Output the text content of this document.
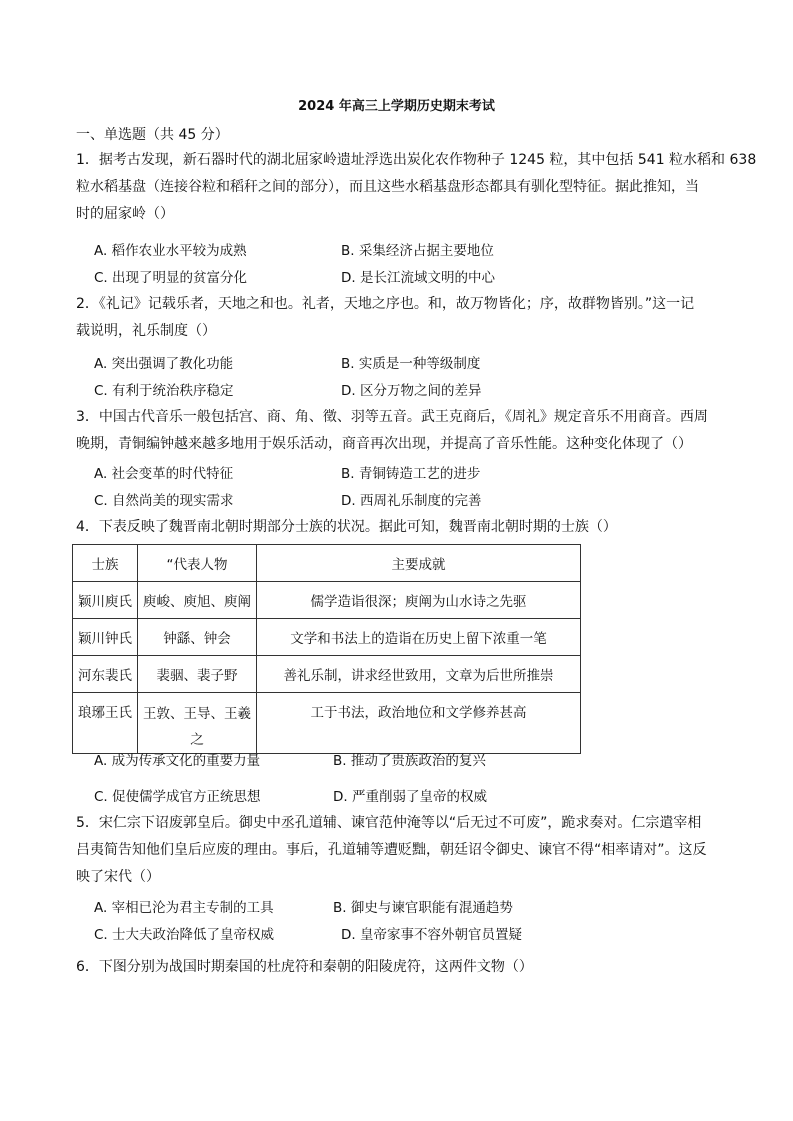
2024 年高三上学期历史期末考试
一、单选题（共 45 分）
1．据考古发现，新石器时代的湖北屈家岭遗址浮选出炭化农作物种子 1245 粒，其中包括 541 粒水稻和 638
粒水稻基盘（连接谷粒和稻秆之间的部分），而且这些水稻基盘形态都具有驯化型特征。据此推知，当
时的屈家岭（）
A. 稻作农业水平较为成熟	B. 采集经济占据主要地位
C. 出现了明显的贫富分化	D. 是长江流域文明的中心
2．《礼记》记载乐者，天地之和也。礼者，天地之序也。和，故万物皆化；序，故群物皆别。”这一记
载说明，礼乐制度（）
A. 突出强调了教化功能	B. 实质是一种等级制度
C. 有利于统治秩序稳定	D. 区分万物之间的差异
3．中国古代音乐一般包括宫、商、角、徵、羽等五音。武王克商后，《周礼》规定音乐不用商音。西周
晚期，青铜编钟越来越多地用于娱乐活动，商音再次出现，并提高了音乐性能。这种变化体现了（）
A. 社会变革的时代特征	B. 青铜铸造工艺的进步
C. 自然尚美的现实需求	D. 西周礼乐制度的完善
4．下表反映了魏晋南北朝时期部分士族的状况。据此可知，魏晋南北朝时期的士族（）
士族	“代表人物	主要成就
颖川庾氏	庾峻、庾旭、庾阐	儒学造诣很深；庾阐为山水诗之先驱
颖川钟氏	钟繇、钟会	文学和书法上的造诣在历史上留下浓重一笔
河东裴氏	裴骃、裴子野	善礼乐制，讲求经世致用，文章为后世所推崇
琅琊王氏	王敦、王导、王羲之	工于书法，政治地位和文学修养甚高
A. 成为传承文化的重要力量	B. 推动了贵族政治的复兴
C. 促使儒学成官方正统思想	D. 严重削弱了皇帝的权威
5．宋仁宗下诏废郭皇后。御史中丞孔道辅、谏官范仲淹等以“后无过不可废”，跪求奏对。仁宗遣宰相
吕夷简告知他们皇后应废的理由。事后，孔道辅等遭贬黜，朝廷诏令御史、谏官不得“相率请对”。这反
映了宋代（）
A. 宰相已沦为君主专制的工具	B. 御史与谏官职能有混通趋势
C. 士大夫政治降低了皇帝权威	D. 皇帝家事不容外朝官员置疑
6．下图分别为战国时期秦国的杜虎符和秦朝的阳陵虎符，这两件文物（）
